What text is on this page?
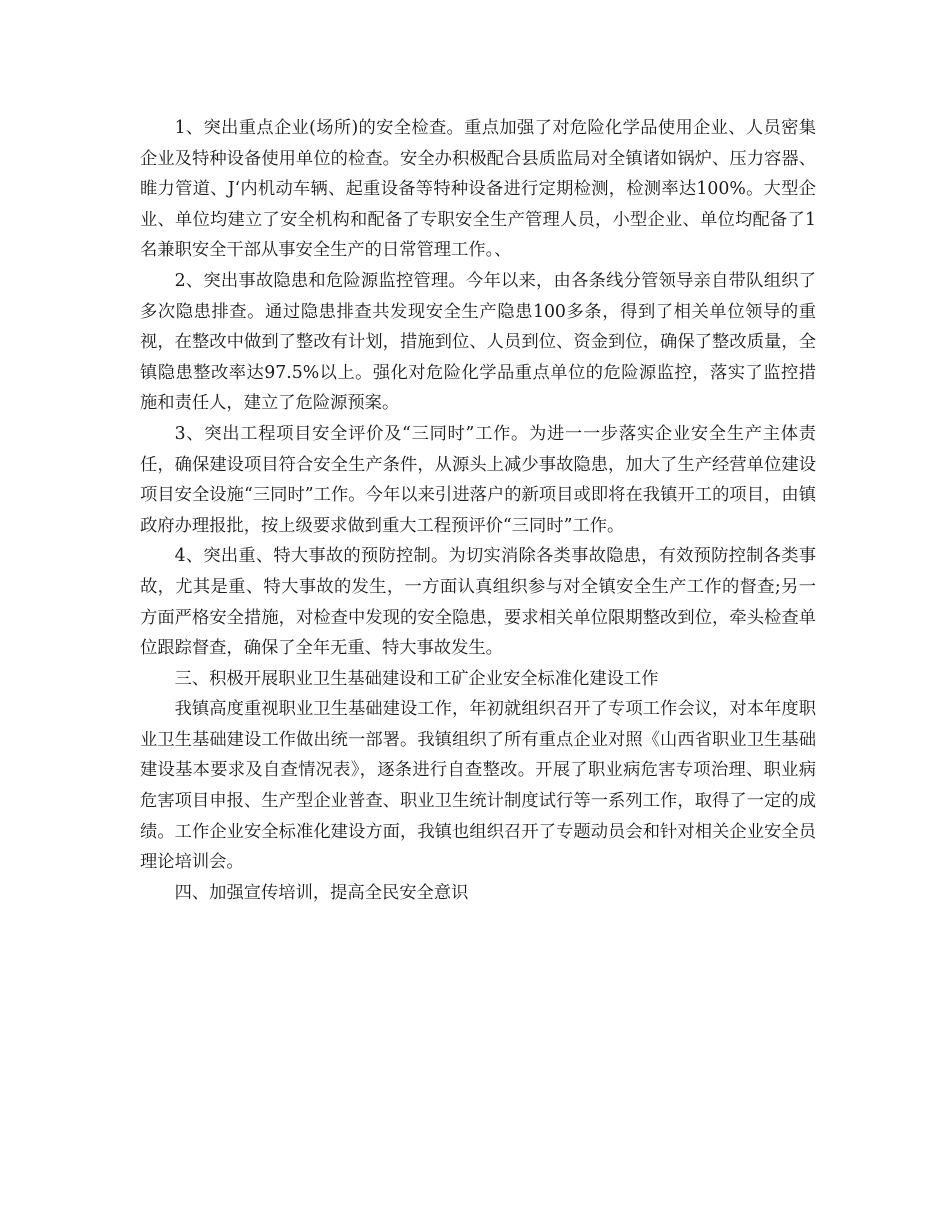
1、突出重点企业(场所)的安全检查。重点加强了对危险化学品使用企业、人员密集企业及特种设备使用单位的检查。安全办积极配合县质监局对全镇诸如锅炉、压力容器、睢力管道、J‘内机动车辆、起重设备等特种设备进行定期检测，检测率达100%。大型企业、单位均建立了安全机构和配备了专职安全生产管理人员，小型企业、单位均配备了1名兼职安全干部从事安全生产的日常管理工作。、

2、突出事故隐患和危险源监控管理。今年以来，由各条线分管领导亲自带队组织了多次隐患排查。通过隐患排查共发现安全生产隐患100多条，得到了相关单位领导的重视，在整改中做到了整改有计划，措施到位、人员到位、资金到位，确保了整改质量，全镇隐患整改率达97.5%以上。强化对危险化学品重点单位的危险源监控，落实了监控措施和责任人，建立了危险源预案。

3、突出工程项目安全评价及“三同时”工作。为进一一步落实企业安全生产主体责任，确保建设项目符合安全生产条件，从源头上减少事故隐患，加大了生产经营单位建设项目安全设施“三同时”工作。今年以来引进落户的新项目或即将在我镇开工的项目，由镇政府办理报批，按上级要求做到重大工程预评价“三同时”工作。

4、突出重、特大事故的预防控制。为切实消除各类事故隐患，有效预防控制各类事故，尤其是重、特大事故的发生，一方面认真组织参与对全镇安全生产工作的督查;另一方面严格安全措施，对检查中发现的安全隐患，要求相关单位限期整改到位，牵头检查单位跟踪督查，确保了全年无重、特大事故发生。

三、积极开展职业卫生基础建设和工矿企业安全标准化建设工作

我镇高度重视职业卫生基础建设工作，年初就组织召开了专项工作会议，对本年度职业卫生基础建设工作做出统一部署。我镇组织了所有重点企业对照《山西省职业卫生基础建设基本要求及自查情况表》，逐条进行自查整改。开展了职业病危害专项治理、职业病危害项目申报、生产型企业普查、职业卫生统计制度试行等一系列工作，取得了一定的成绩。工作企业安全标准化建设方面，我镇也组织召开了专题动员会和针对相关企业安全员理论培训会。

四、加强宣传培训，提高全民安全意识
